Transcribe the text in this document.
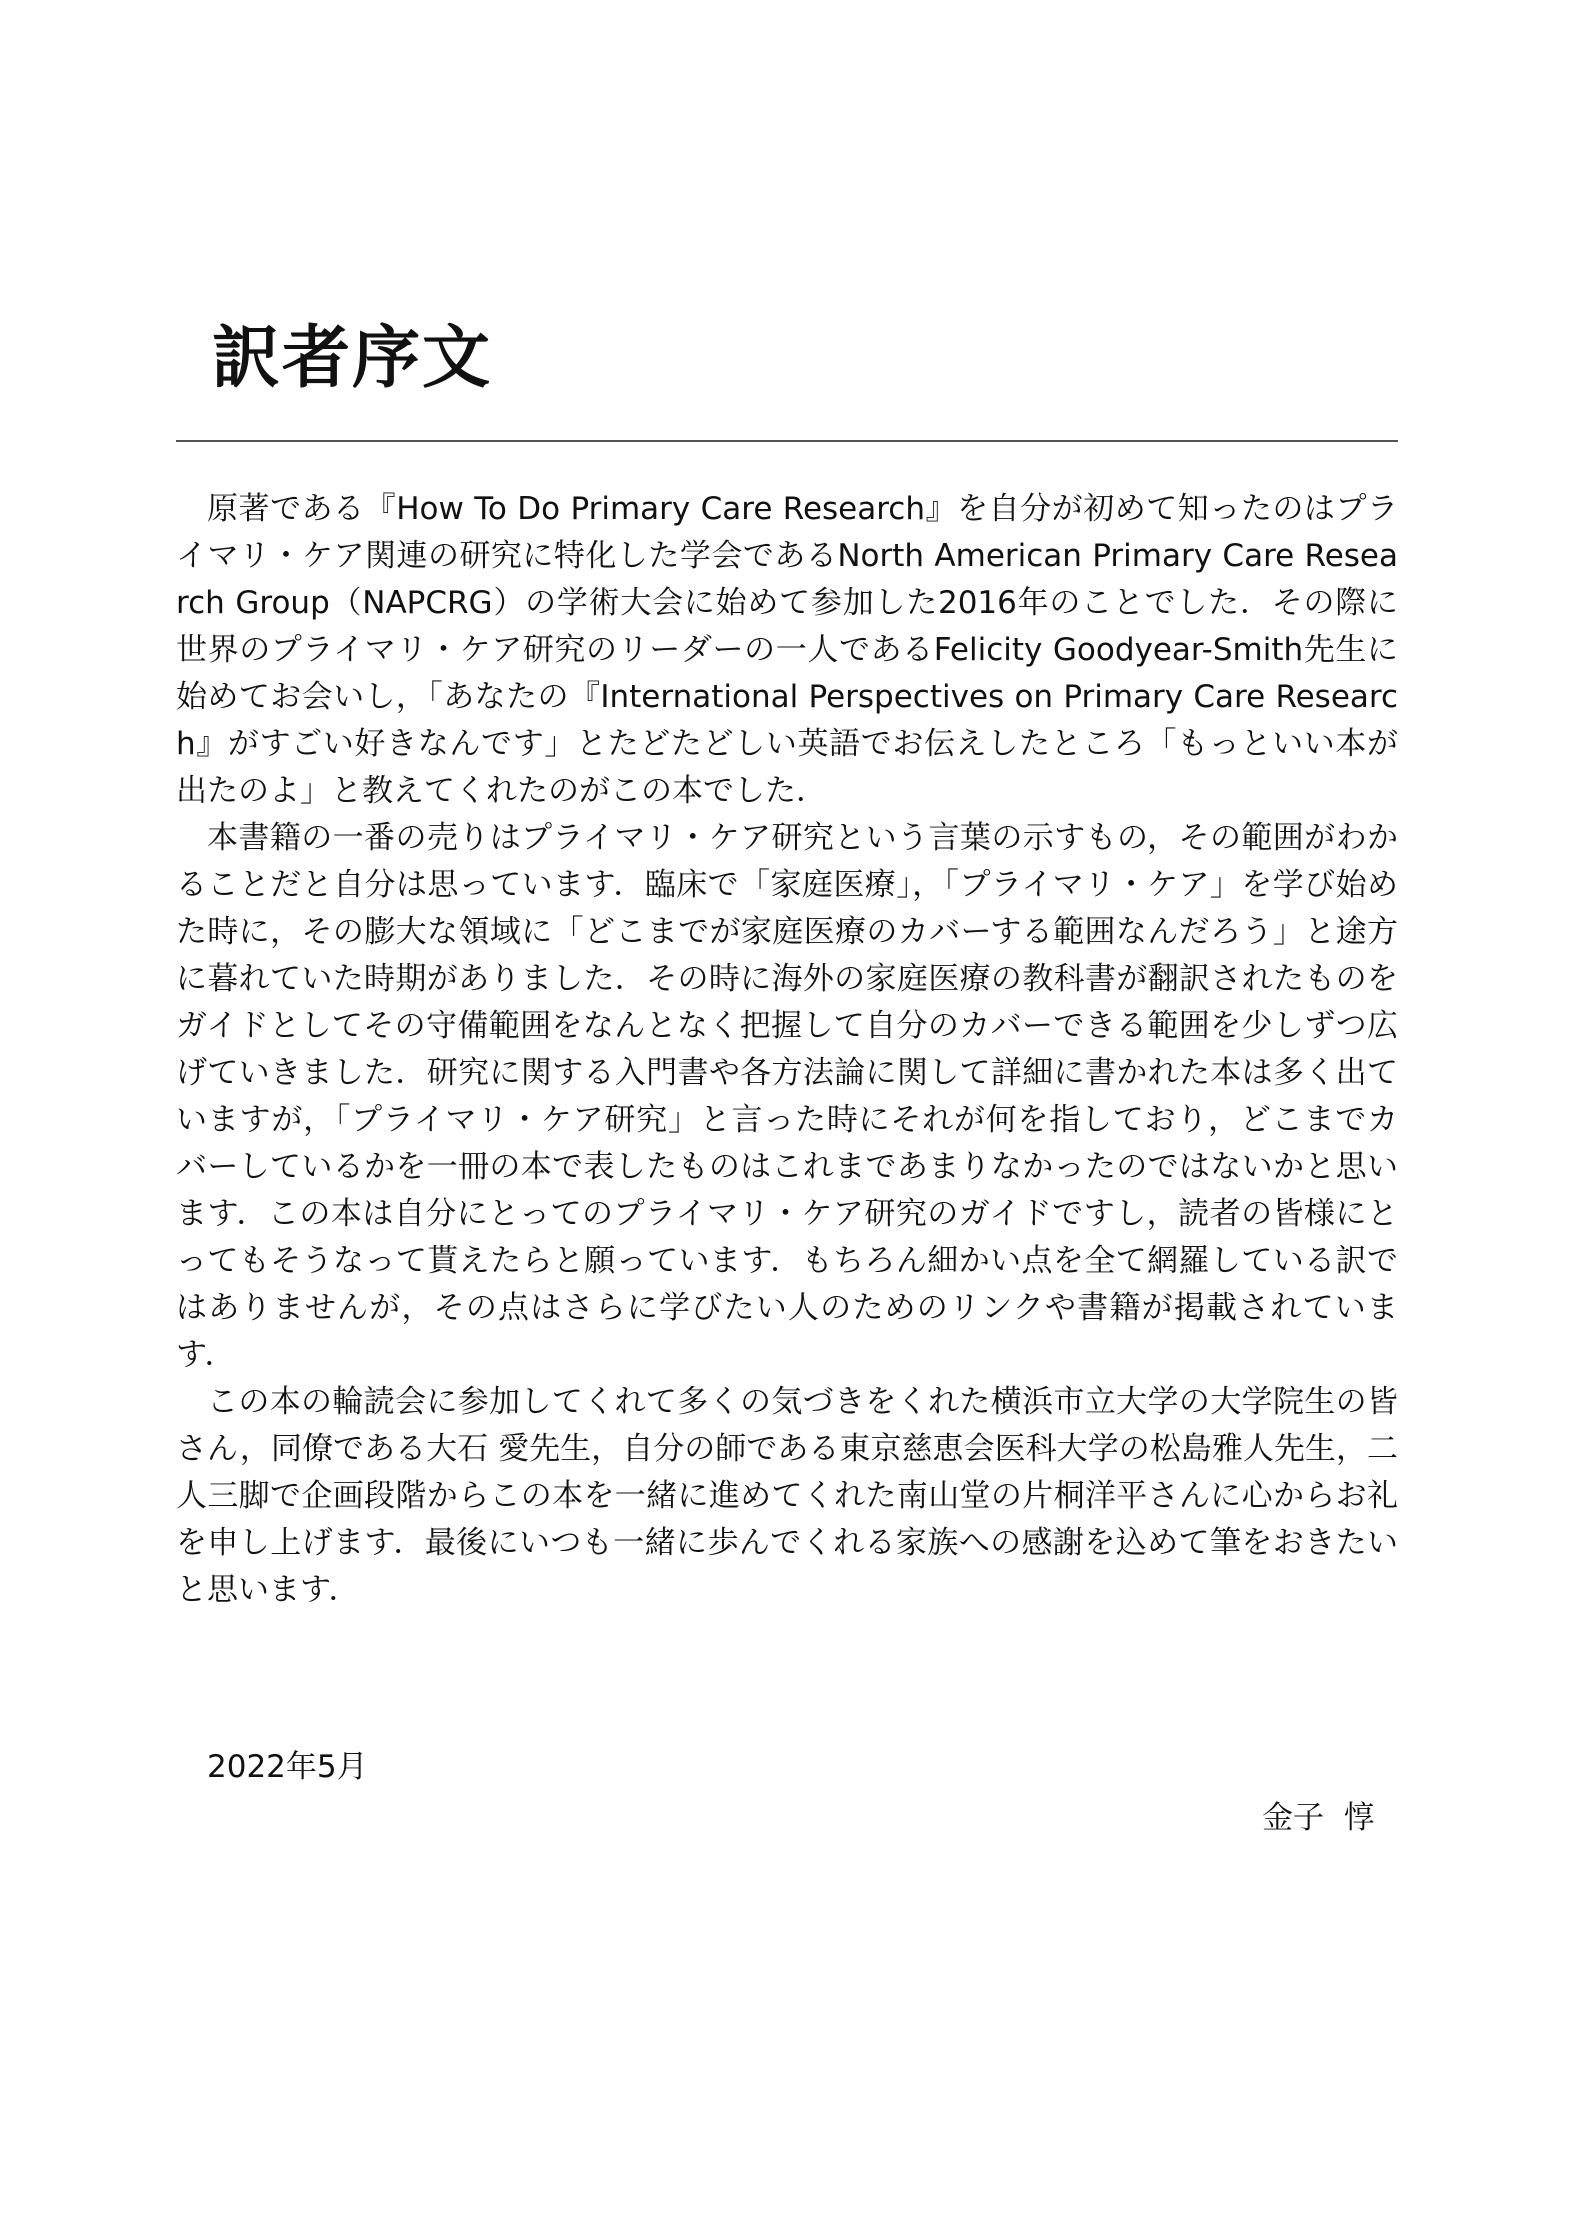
訳者序文

原著である『How To Do Primary Care Research』を自分が初めて知ったのはプライマリ・ケア関連の研究に特化した学会であるNorth American Primary Care Research Group（NAPCRG）の学術大会に始めて参加した2016年のことでした．その際に世界のプライマリ・ケア研究のリーダーの一人であるFelicity Goodyear-Smith先生に始めてお会いし，「あなたの『International Perspectives on Primary Care Research』がすごい好きなんです」とたどたどしい英語でお伝えしたところ「もっといい本が出たのよ」と教えてくれたのがこの本でした．

本書籍の一番の売りはプライマリ・ケア研究という言葉の示すもの，その範囲がわかることだと自分は思っています．臨床で「家庭医療」，「プライマリ・ケア」を学び始めた時に，その膨大な領域に「どこまでが家庭医療のカバーする範囲なんだろう」と途方に暮れていた時期がありました．その時に海外の家庭医療の教科書が翻訳されたものをガイドとしてその守備範囲をなんとなく把握して自分のカバーできる範囲を少しずつ広げていきました．研究に関する入門書や各方法論に関して詳細に書かれた本は多く出ていますが，「プライマリ・ケア研究」と言った時にそれが何を指しており，どこまでカバーしているかを一冊の本で表したものはこれまであまりなかったのではないかと思います．この本は自分にとってのプライマリ・ケア研究のガイドですし，読者の皆様にとってもそうなって貰えたらと願っています．もちろん細かい点を全て網羅している訳ではありませんが，その点はさらに学びたい人のためのリンクや書籍が掲載されています．

この本の輪読会に参加してくれて多くの気づきをくれた横浜市立大学の大学院生の皆さん，同僚である大石 愛先生，自分の師である東京慈恵会医科大学の松島雅人先生，二人三脚で企画段階からこの本を一緒に進めてくれた南山堂の片桐洋平さんに心からお礼を申し上げます．最後にいつも一緒に歩んでくれる家族への感謝を込めて筆をおきたいと思います．

2022年5月
金子  惇
